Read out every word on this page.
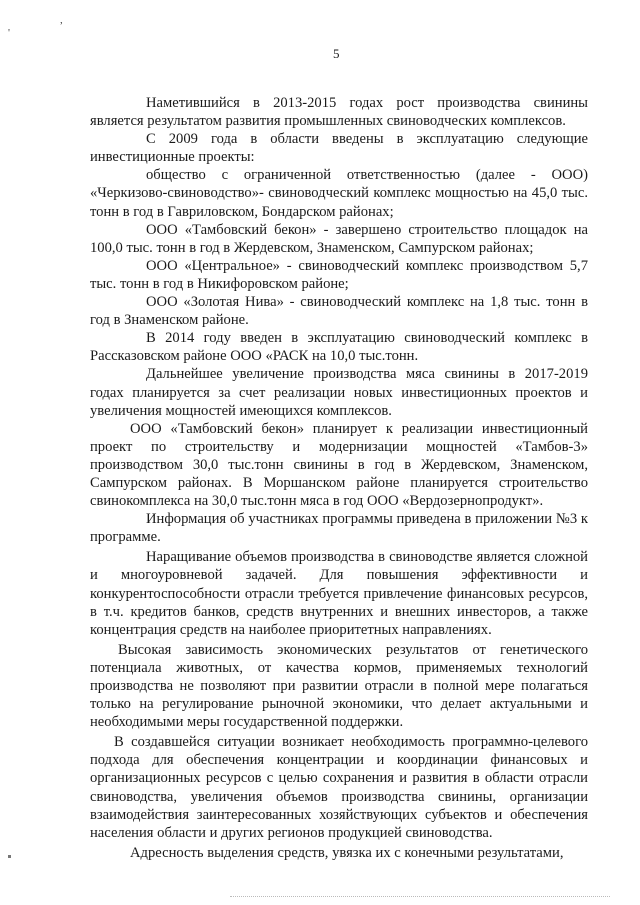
'
,
5

Наметившийся в 2013-2015 годах рост производства свинины является результатом развития промышленных свиноводческих комплексов.

С 2009 года в области введены в эксплуатацию следующие инвестиционные проекты:

общество с ограниченной ответственностью (далее - ООО) «Черкизово-свиноводство»- свиноводческий комплекс мощностью на 45,0 тыс. тонн в год в Гавриловском, Бондарском районах;

ООО «Тамбовский бекон» - завершено строительство площадок на 100,0 тыс. тонн в год в Жердевском, Знаменском, Сампурском районах;

ООО «Центральное» - свиноводческий комплекс производством 5,7 тыс. тонн в год в Никифоровском районе;

ООО «Золотая Нива» - свиноводческий комплекс на 1,8 тыс. тонн в год в Знаменском районе.

В 2014 году введен в эксплуатацию свиноводческий комплекс в Рассказовском районе ООО «РАСК на 10,0 тыс.тонн.

Дальнейшее увеличение производства мяса свинины в 2017-2019 годах планируется за счет реализации новых инвестиционных проектов и увеличения мощностей имеющихся комплексов.

ООО «Тамбовский бекон» планирует к реализации инвестиционный проект по строительству и модернизации мощностей «Тамбов-3» производством 30,0 тыс.тонн свинины в год в Жердевском, Знаменском, Сампурском районах. В Моршанском районе планируется строительство свинокомплекса на 30,0 тыс.тонн мяса в год ООО «Вердозернопродукт».

Информация об участниках программы приведена в приложении №3 к программе.

Наращивание объемов производства в свиноводстве является сложной и многоуровневой задачей. Для повышения эффективности и конкурентоспособности отрасли требуется привлечение финансовых ресурсов, в т.ч. кредитов банков, средств внутренних и внешних инвесторов, а также концентрация средств на наиболее приоритетных направлениях.

Высокая зависимость экономических результатов от генетического потенциала животных, от качества кормов, применяемых технологий производства не позволяют при развитии отрасли в полной мере полагаться только на регулирование рыночной экономики, что делает актуальными и необходимыми меры государственной поддержки.

В создавшейся ситуации возникает необходимость программно-целевого подхода для обеспечения концентрации и координации финансовых и организационных ресурсов с целью сохранения и развития в области отрасли свиноводства, увеличения объемов производства свинины, организации взаимодействия заинтересованных хозяйствующих субъектов и обеспечения населения области и других регионов продукцией свиноводства.

Адресность выделения средств, увязка их с конечными результатами,
